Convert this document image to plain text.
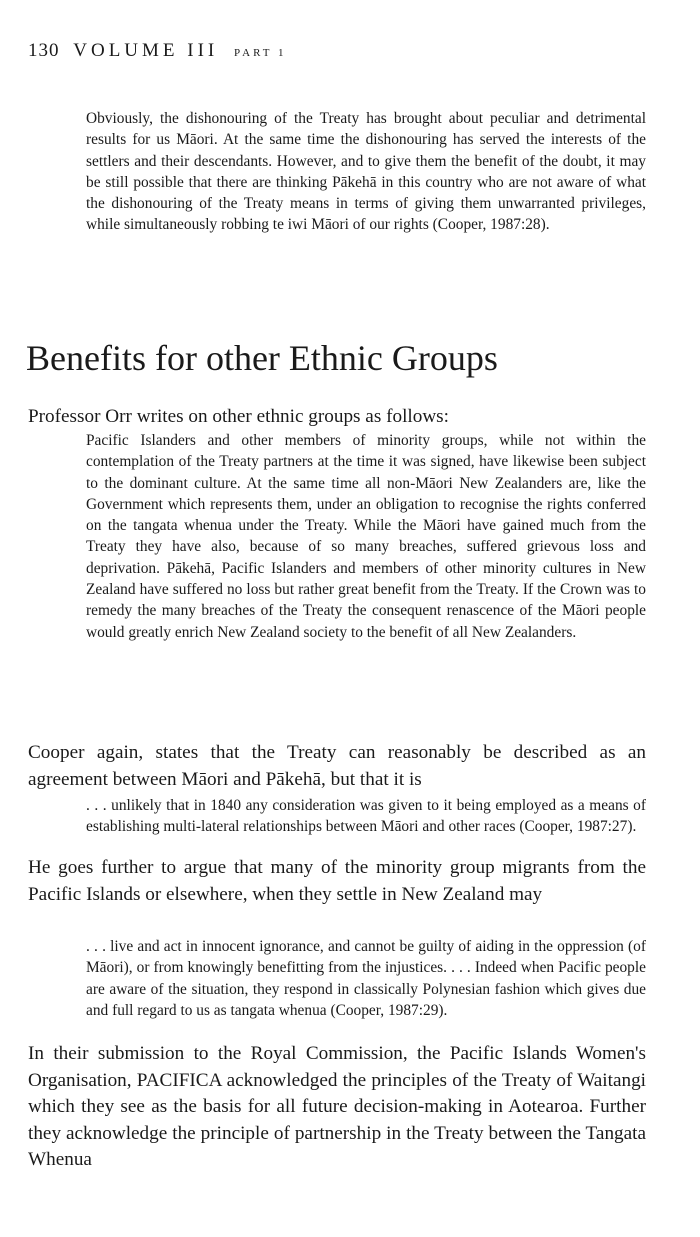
130 VOLUME III PART 1
Obviously, the dishonouring of the Treaty has brought about peculiar and detrimental results for us Māori. At the same time the dishonouring has served the interests of the settlers and their descendants. However, and to give them the benefit of the doubt, it may be still possible that there are thinking Pākehā in this country who are not aware of what the dishonouring of the Treaty means in terms of giving them unwarranted privileges, while simultaneously robbing te iwi Māori of our rights (Cooper, 1987:28).
Benefits for other Ethnic Groups
Professor Orr writes on other ethnic groups as follows:
Pacific Islanders and other members of minority groups, while not within the contemplation of the Treaty partners at the time it was signed, have likewise been subject to the dominant culture. At the same time all non-Māori New Zealanders are, like the Government which represents them, under an obligation to recognise the rights conferred on the tangata whenua under the Treaty. While the Māori have gained much from the Treaty they have also, because of so many breaches, suffered grievous loss and deprivation. Pākehā, Pacific Islanders and members of other minority cultures in New Zealand have suffered no loss but rather great benefit from the Treaty. If the Crown was to remedy the many breaches of the Treaty the consequent renascence of the Māori people would greatly enrich New Zealand society to the benefit of all New Zealanders.
Cooper again, states that the Treaty can reasonably be described as an agreement between Māori and Pākehā, but that it is
. . . unlikely that in 1840 any consideration was given to it being employed as a means of establishing multi-lateral relationships between Māori and other races (Cooper, 1987:27).
He goes further to argue that many of the minority group migrants from the Pacific Islands or elsewhere, when they settle in New Zealand may
. . . live and act in innocent ignorance, and cannot be guilty of aiding in the oppression (of Māori), or from knowingly benefitting from the injustices. . . . Indeed when Pacific people are aware of the situation, they respond in classically Polynesian fashion which gives due and full regard to us as tangata whenua (Cooper, 1987:29).
In their submission to the Royal Commission, the Pacific Islands Women's Organisation, PACIFICA acknowledged the principles of the Treaty of Waitangi which they see as the basis for all future decision-making in Aotearoa. Further they acknowledge the principle of partnership in the Treaty between the Tangata Whenua
